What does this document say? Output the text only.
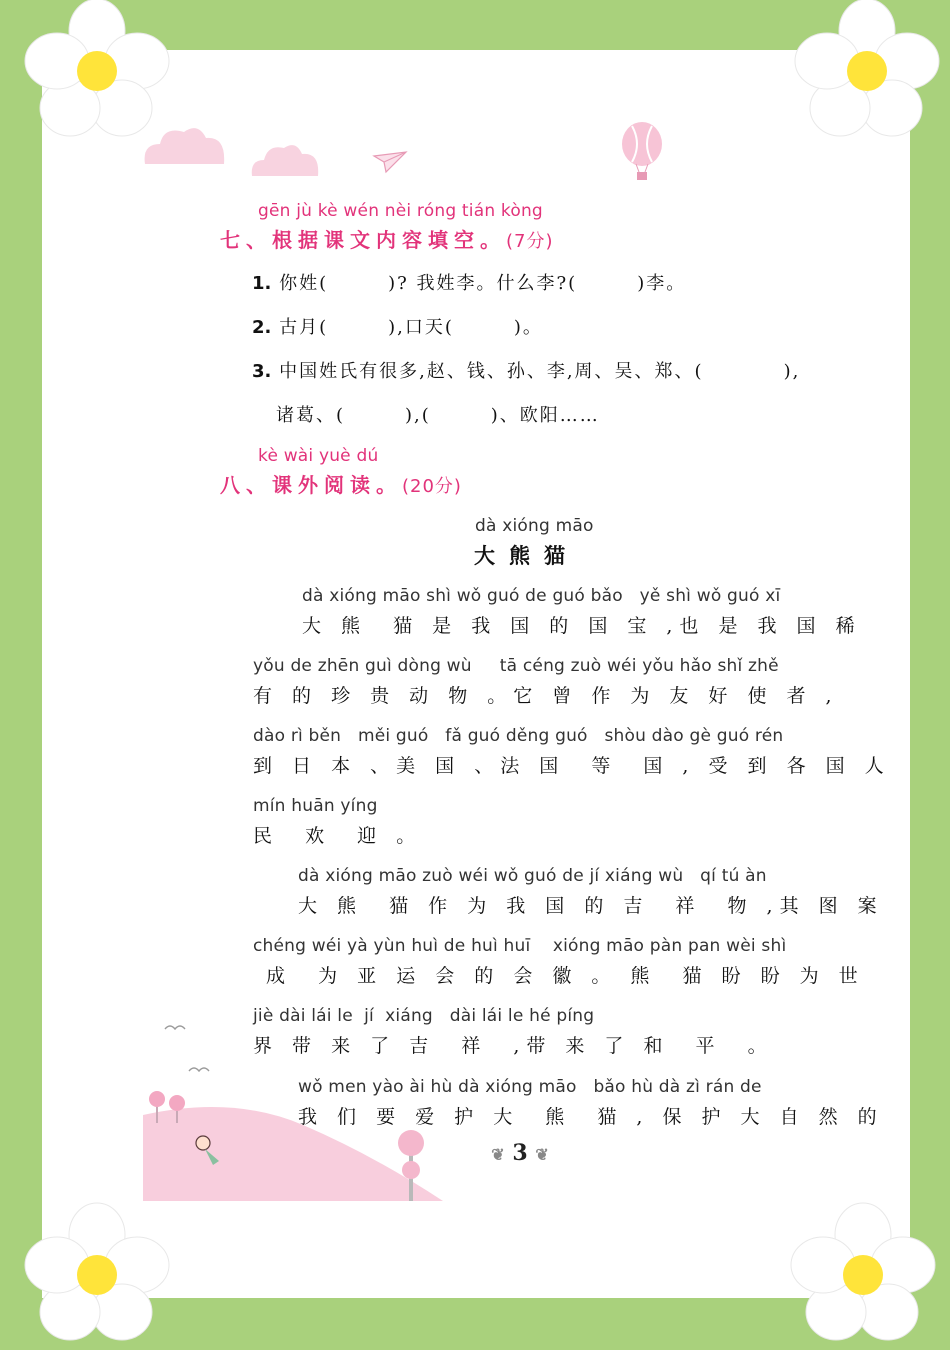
gēn jù kè wén nèi róng tián kòng
七、根据课文内容填空。(7分)
1. 你姓(　　　)? 我姓李。什么李?(　　　)李。
2. 古月(　　　),口天(　　　)。
3. 中国姓氏有很多,赵、钱、孙、李,周、吴、郑、(　　　　),
诸葛、(　　　),(　　　)、欧阳……
kè wài yuè dú
八、课外阅读。(20分)
dà xióng māo
大熊猫
dà xióng māo shì wǒ guó de guó bǎo   yě shì wǒ guó xī
大 熊  猫 是 我 国 的 国 宝 ,也 是 我 国 稀
yǒu de zhēn guì dòng wù     tā céng zuò wéi yǒu hǎo shǐ zhě
有 的 珍 贵 动 物 。它 曾 作 为 友 好 使 者 ,
dào rì běn   měi guó   fǎ guó děng guó   shòu dào gè guó rén
到 日 本 、美 国 、法 国  等  国 , 受 到 各 国 人
mín huān yíng
民  欢  迎 。
dà xióng māo zuò wéi wǒ guó de jí xiáng wù   qí tú àn
大 熊  猫 作 为 我 国 的 吉  祥  物 ,其 图 案
chéng wéi yà yùn huì de huì huī    xióng māo pàn pan wèi shì
成  为 亚 运 会 的 会 徽 。 熊  猫 盼 盼 为 世
jiè dài lái le  jí  xiáng   dài lái le hé píng
界 带 来 了 吉  祥  ,带 来 了 和  平  。
wǒ men yào ài hù dà xióng māo   bǎo hù dà zì rán de
我 们 要 爱 护 大  熊  猫 , 保 护 大 自 然 的
❦ 3 ❦
